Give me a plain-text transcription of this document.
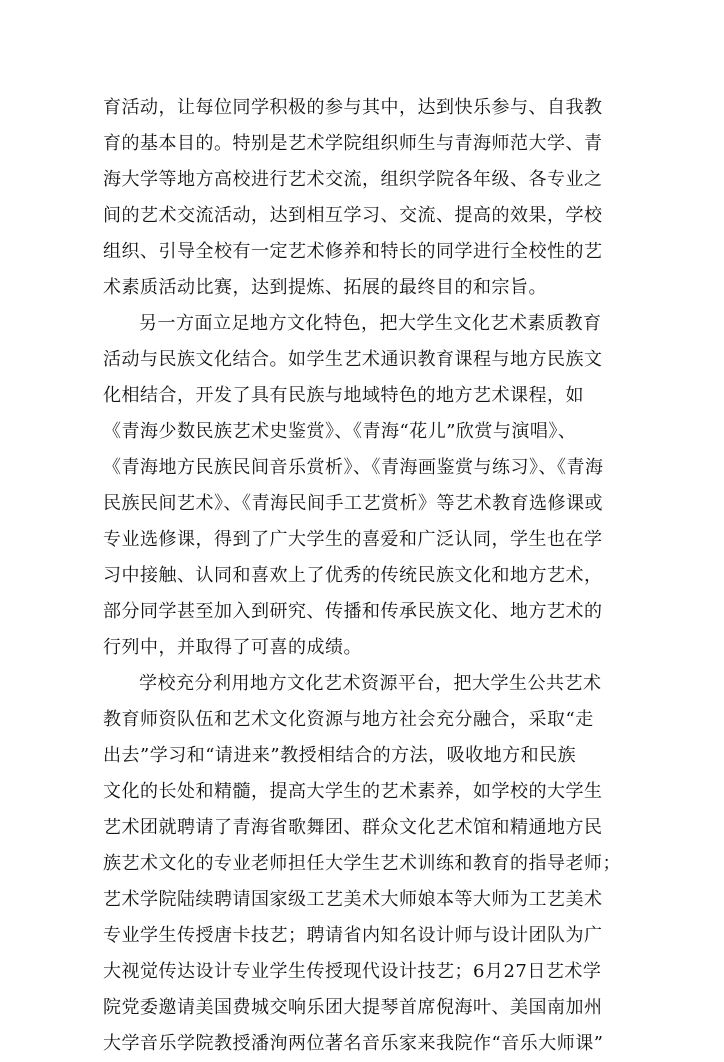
育活动，让每位同学积极的参与其中，达到快乐参与、自我教
育的基本目的。特别是艺术学院组织师生与青海师范大学、青
海大学等地方高校进行艺术交流，组织学院各年级、各专业之
间的艺术交流活动，达到相互学习、交流、提高的效果，学校
组织、引导全校有一定艺术修养和特长的同学进行全校性的艺
术素质活动比赛，达到提炼、拓展的最终目的和宗旨。
另一方面立足地方文化特色，把大学生文化艺术素质教育
活动与民族文化结合。如学生艺术通识教育课程与地方民族文
化相结合，开发了具有民族与地域特色的地方艺术课程，如
《青海少数民族艺术史鉴赏》、《青海“花儿”欣赏与演唱》、
《青海地方民族民间音乐赏析》、《青海画鉴赏与练习》、《青海
民族民间艺术》、《青海民间手工艺赏析》等艺术教育选修课或
专业选修课，得到了广大学生的喜爱和广泛认同，学生也在学
习中接触、认同和喜欢上了优秀的传统民族文化和地方艺术，
部分同学甚至加入到研究、传播和传承民族文化、地方艺术的
行列中，并取得了可喜的成绩。
学校充分利用地方文化艺术资源平台，把大学生公共艺术
教育师资队伍和艺术文化资源与地方社会充分融合，采取“走
出去”学习和“请进来”教授相结合的方法，吸收地方和民族
文化的长处和精髓，提高大学生的艺术素养，如学校的大学生
艺术团就聘请了青海省歌舞团、群众文化艺术馆和精通地方民
族艺术文化的专业老师担任大学生艺术训练和教育的指导老师；
艺术学院陆续聘请国家级工艺美术大师娘本等大师为工艺美术
专业学生传授唐卡技艺；聘请省内知名设计师与设计团队为广
大视觉传达设计专业学生传授现代设计技艺；6月27日艺术学
院党委邀请美国费城交响乐团大提琴首席倪海叶、美国南加州
大学音乐学院教授潘洵两位著名音乐家来我院作“音乐大师课”
